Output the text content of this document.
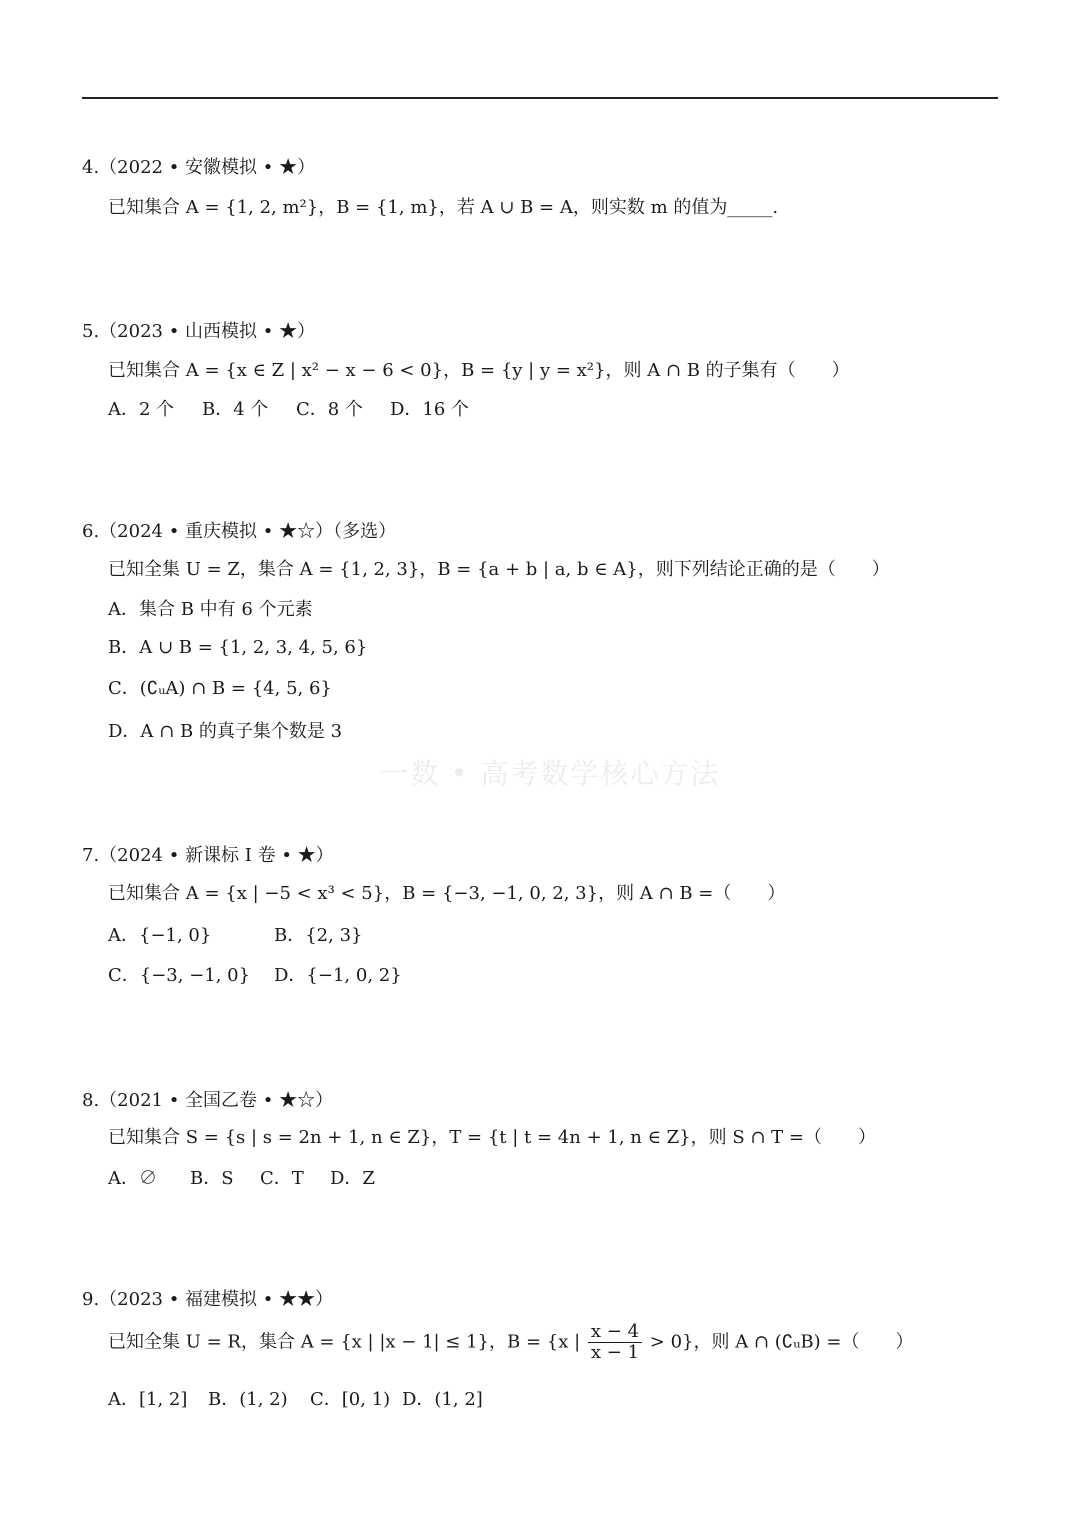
4.（2022 • 安徽模拟 • ★）
已知集合 A = {1, 2, m²}，B = {1, m}，若 A ∪ B = A，则实数 m 的值为_____.
5.（2023 • 山西模拟 • ★）
已知集合 A = {x ∈ Z | x² − x − 6 < 0}，B = {y | y = x²}，则 A ∩ B 的子集有（　　）
A．2 个 B．4 个 C．8 个 D．16 个
6.（2024 • 重庆模拟 • ★☆）（多选）
已知全集 U = Z，集合 A = {1, 2, 3}，B = {a + b | a, b ∈ A}，则下列结论正确的是（　　）
A．集合 B 中有 6 个元素
B．A ∪ B = {1, 2, 3, 4, 5, 6}
C．(∁ᵤA) ∩ B = {4, 5, 6}
D．A ∩ B 的真子集个数是 3
一数 • 高考数学核心方法
7.（2024 • 新课标 Ⅰ 卷 • ★）
已知集合 A = {x | −5 < x³ < 5}，B = {−3, −1, 0, 2, 3}，则 A ∩ B =（　　）
A．{−1, 0}	B．{2, 3}
C．{−3, −1, 0} D．{−1, 0, 2}
8.（2021 • 全国乙卷 • ★☆）
已知集合 S = {s | s = 2n + 1, n ∈ Z}，T = {t | t = 4n + 1, n ∈ Z}，则 S ∩ T =（　　）
A．∅ B．S C．T D．Z
9.（2023 • 福建模拟 • ★★）
已知全集 U = R，集合 A = {x | |x − 1| ≤ 1}，B = {x | $\frac{x - 4}{x - 1} > 0$}，则 A ∩ (∁ᵤB) =（　　）
A．[1, 2] B．(1, 2) C．[0, 1) D．(1, 2]
